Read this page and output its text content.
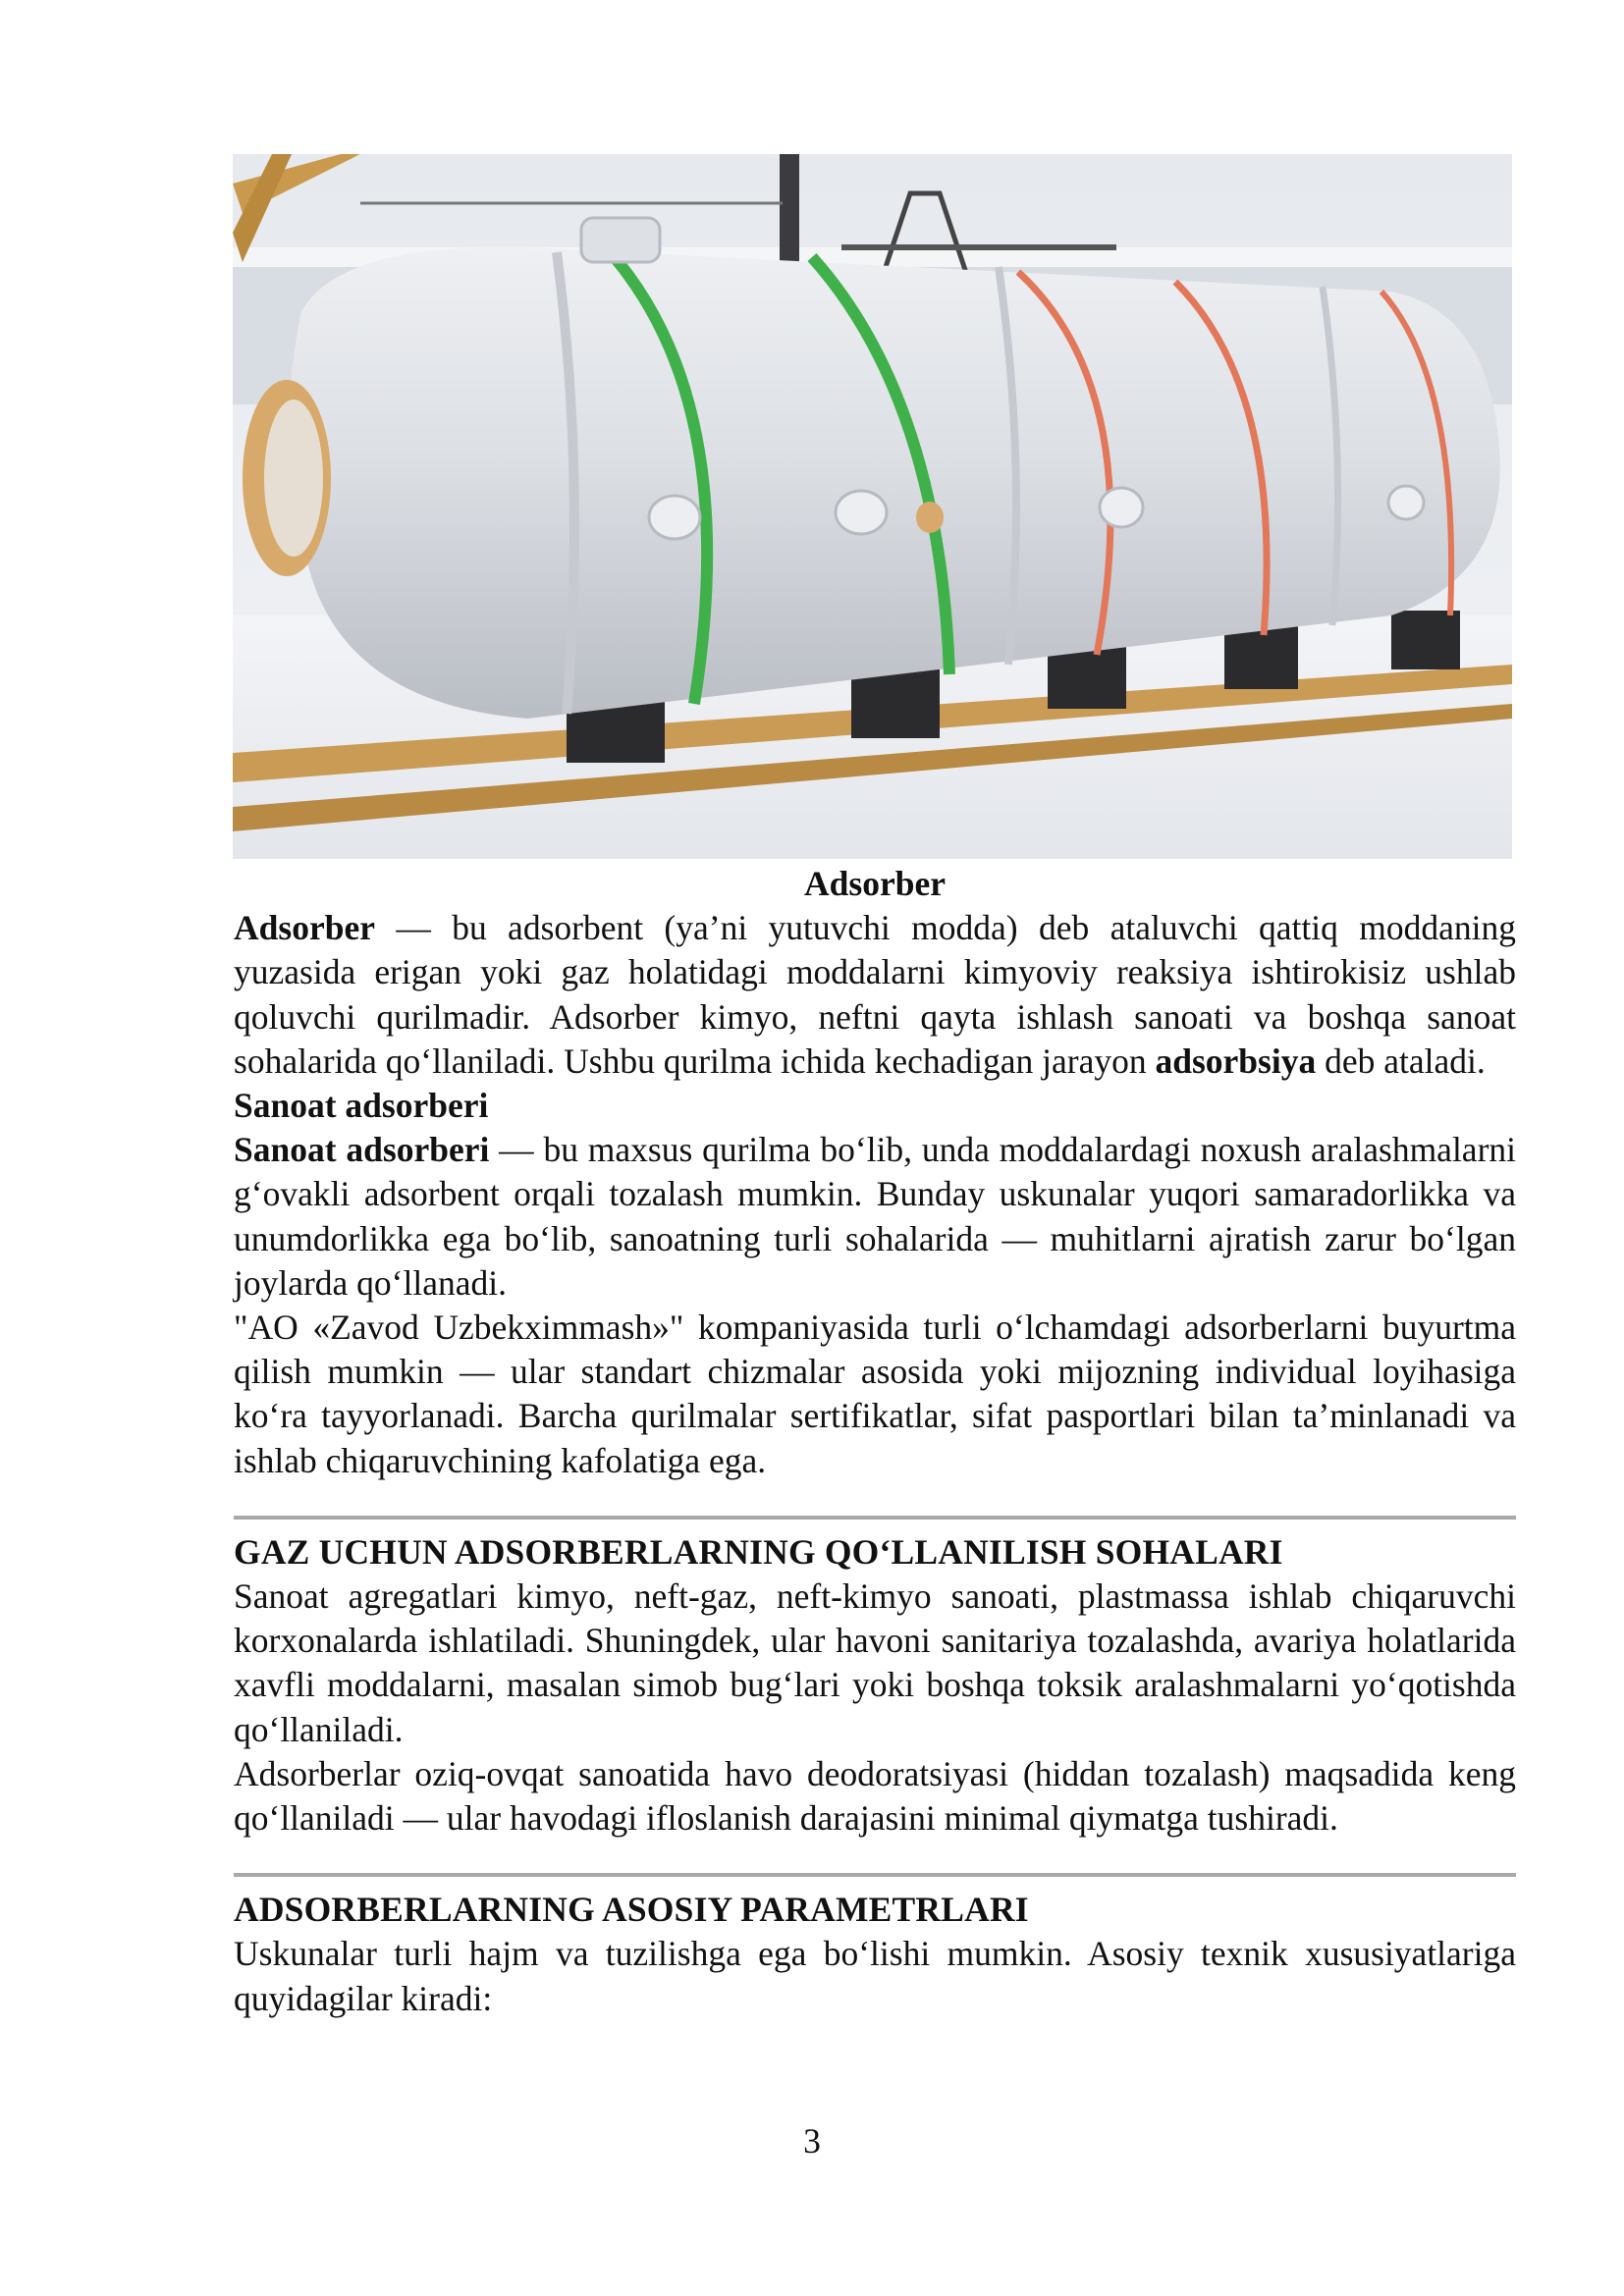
Adsorber

Adsorber — bu adsorbent (ya’ni yutuvchi modda) deb ataluvchi qattiq moddaning yuzasida erigan yoki gaz holatidagi moddalarni kimyoviy reaksiya ishtirokisiz ushlab qoluvchi qurilmadir. Adsorber kimyo, neftni qayta ishlash sanoati va boshqa sanoat sohalarida qo‘llaniladi. Ushbu qurilma ichida kechadigan jarayon adsorbsiya deb ataladi.

Sanoat adsorberi

Sanoat adsorberi — bu maxsus qurilma bo‘lib, unda moddalardagi noxush aralashmalarni g‘ovakli adsorbent orqali tozalash mumkin. Bunday uskunalar yuqori samaradorlikka va unumdorlikka ega bo‘lib, sanoatning turli sohalarida — muhitlarni ajratish zarur bo‘lgan joylarda qo‘llanadi.

"AO «Zavod Uzbekximmash»" kompaniyasida turli o‘lchamdagi adsorberlarni buyurtma qilish mumkin — ular standart chizmalar asosida yoki mijozning individual loyihasiga ko‘ra tayyorlanadi. Barcha qurilmalar sertifikatlar, sifat pasportlari bilan ta’minlanadi va ishlab chiqaruvchining kafolatiga ega.

GAZ UCHUN ADSORBERLARNING QO‘LLANILISH SOHALARI

Sanoat agregatlari kimyo, neft-gaz, neft-kimyo sanoati, plastmassa ishlab chiqaruvchi korxonalarda ishlatiladi. Shuningdek, ular havoni sanitariya tozalashda, avariya holatlarida xavfli moddalarni, masalan simob bug‘lari yoki boshqa toksik aralashmalarni yo‘qotishda qo‘llaniladi.

Adsorberlar oziq-ovqat sanoatida havo deodoratsiyasi (hiddan tozalash) maqsadida keng qo‘llaniladi — ular havodagi ifloslanish darajasini minimal qiymatga tushiradi.

ADSORBERLARNING ASOSIY PARAMETRLARI

Uskunalar turli hajm va tuzilishga ega bo‘lishi mumkin. Asosiy texnik xususiyatlariga quyidagilar kiradi:

3
